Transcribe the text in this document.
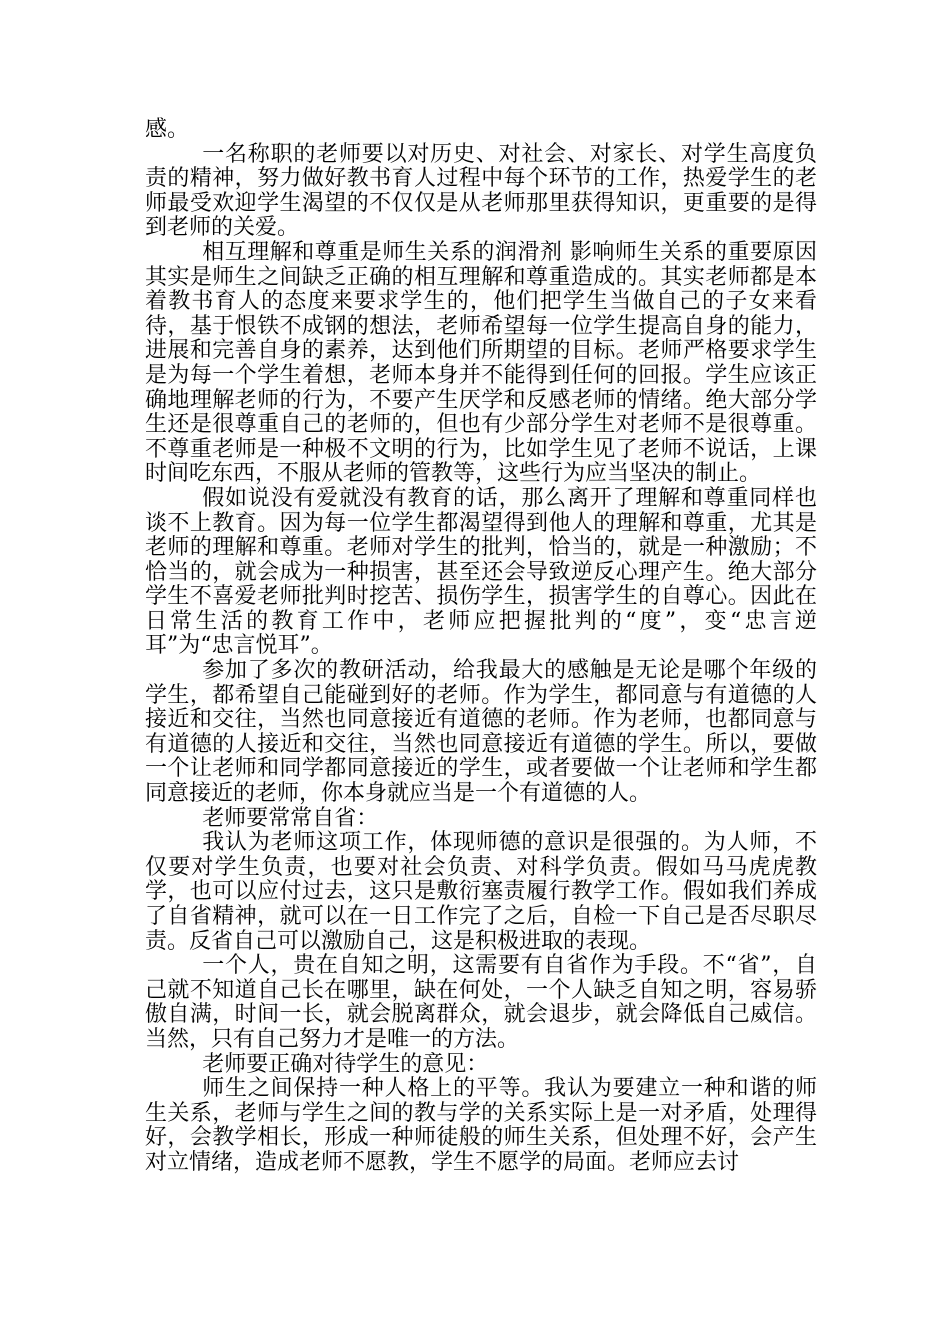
感。

一名称职的老师要以对历史、对社会、对家长、对学生高度负责的精神，努力做好教书育人过程中每个环节的工作，热爱学生的老师最受欢迎学生渴望的不仅仅是从老师那里获得知识，更重要的是得到老师的关爱。

相互理解和尊重是师生关系的润滑剂 影响师生关系的重要原因其实是师生之间缺乏正确的相互理解和尊重造成的。其实老师都是本着教书育人的态度来要求学生的，他们把学生当做自己的子女来看待，基于恨铁不成钢的想法，老师希望每一位学生提高自身的能力，进展和完善自身的素养，达到他们所期望的目标。老师严格要求学生是为每一个学生着想，老师本身并不能得到任何的回报。学生应该正确地理解老师的行为，不要产生厌学和反感老师的情绪。绝大部分学生还是很尊重自己的老师的，但也有少部分学生对老师不是很尊重。不尊重老师是一种极不文明的行为，比如学生见了老师不说话，上课时间吃东西，不服从老师的管教等，这些行为应当坚决的制止。

假如说没有爱就没有教育的话，那么离开了理解和尊重同样也谈不上教育。因为每一位学生都渴望得到他人的理解和尊重，尤其是老师的理解和尊重。老师对学生的批判，恰当的，就是一种激励；不恰当的，就会成为一种损害，甚至还会导致逆反心理产生。绝大部分学生不喜爱老师批判时挖苦、损伤学生，损害学生的自尊心。因此在日常生活的教育工作中，老师应把握批判的“度”，变“忠言逆耳”为“忠言悦耳”。

参加了多次的教研活动，给我最大的感触是无论是哪个年级的学生，都希望自己能碰到好的老师。作为学生，都同意与有道德的人接近和交往，当然也同意接近有道德的老师。作为老师，也都同意与有道德的人接近和交往，当然也同意接近有道德的学生。所以，要做一个让老师和同学都同意接近的学生，或者要做一个让老师和学生都同意接近的老师，你本身就应当是一个有道德的人。

老师要常常自省：

我认为老师这项工作，体现师德的意识是很强的。为人师，不仅要对学生负责，也要对社会负责、对科学负责。假如马马虎虎教学，也可以应付过去，这只是敷衍塞责履行教学工作。假如我们养成了自省精神，就可以在一日工作完了之后，自检一下自己是否尽职尽责。反省自己可以激励自己，这是积极进取的表现。

一个人，贵在自知之明，这需要有自省作为手段。不“省”，自己就不知道自己长在哪里，缺在何处，一个人缺乏自知之明，容易骄傲自满，时间一长，就会脱离群众，就会退步，就会降低自己威信。当然，只有自己努力才是唯一的方法。

老师要正确对待学生的意见：

师生之间保持一种人格上的平等。我认为要建立一种和谐的师生关系，老师与学生之间的教与学的关系实际上是一对矛盾，处理得好，会教学相长，形成一种师徒般的师生关系，但处理不好，会产生对立情绪，造成老师不愿教，学生不愿学的局面。老师应去讨
